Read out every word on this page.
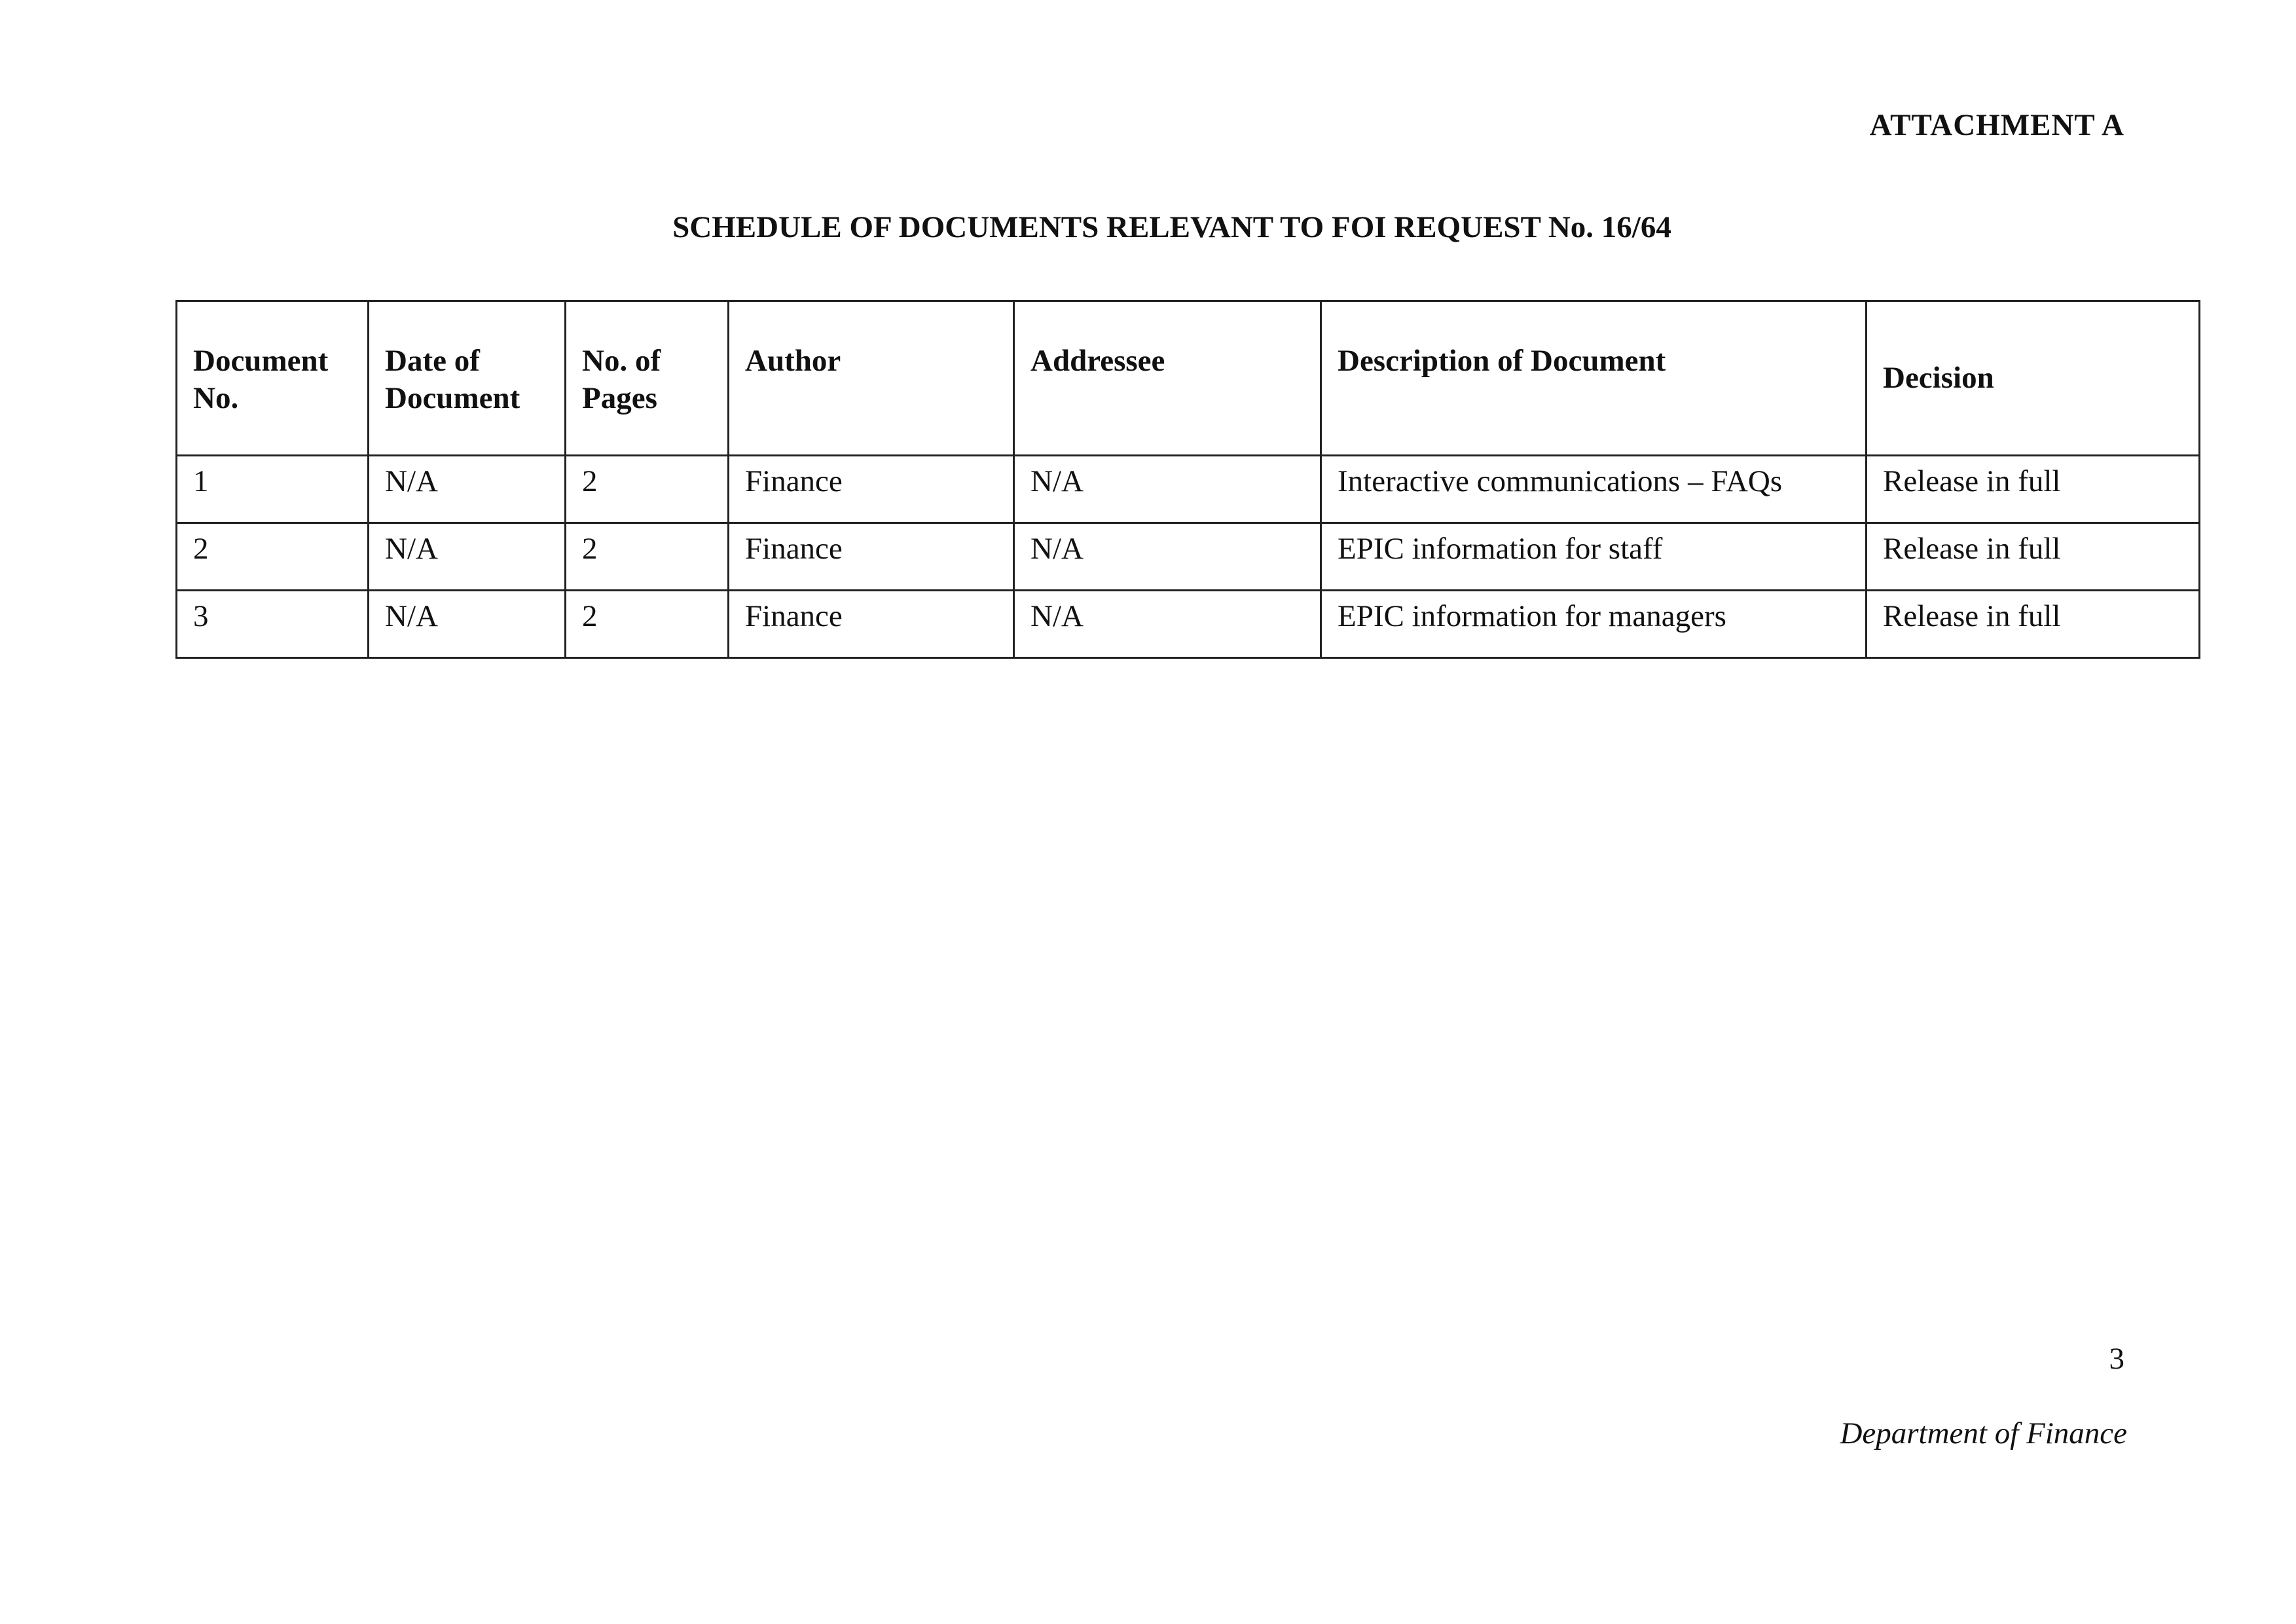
ATTACHMENT A
SCHEDULE OF DOCUMENTS RELEVANT TO FOI REQUEST No. 16/64
Document No.	Date of Document	No. of Pages	Author	Addressee	Description of Document	Decision
1	N/A	2	Finance	N/A	Interactive communications – FAQs	Release in full
2	N/A	2	Finance	N/A	EPIC information for staff	Release in full
3	N/A	2	Finance	N/A	EPIC information for managers	Release in full
3
Department of Finance
